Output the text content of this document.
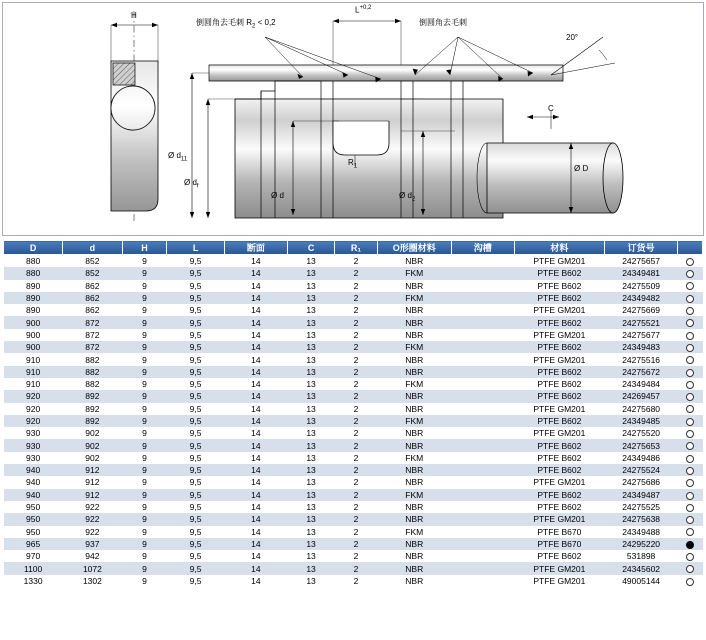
H
倒圆角去毛刺 $R_2 < 0,2$	倒圆角去毛刺
$L^{+0,2}$
20°
C
Ø D
Ø $d_{11}$
Ø $d_f$
Ø d	Ø $d_2$
$R_1$
D	d	H	L	断面	C	R₁	O形圈材料	沟槽	材料	订货号	
880	852	9	9,5	14	13	2	NBR		PTFE GM201	24275657	
880	852	9	9,5	14	13	2	FKM		PTFE B602	24349481	
890	862	9	9,5	14	13	2	NBR		PTFE B602	24275509	
890	862	9	9,5	14	13	2	FKM		PTFE B602	24349482	
890	862	9	9,5	14	13	2	NBR		PTFE GM201	24275669	
900	872	9	9,5	14	13	2	NBR		PTFE B602	24275521	
900	872	9	9,5	14	13	2	NBR		PTFE GM201	24275677	
900	872	9	9,5	14	13	2	FKM		PTFE B602	24349483	
910	882	9	9,5	14	13	2	NBR		PTFE GM201	24275516	
910	882	9	9,5	14	13	2	NBR		PTFE B602	24275672	
910	882	9	9,5	14	13	2	FKM		PTFE B602	24349484	
920	892	9	9,5	14	13	2	NBR		PTFE B602	24269457	
920	892	9	9,5	14	13	2	NBR		PTFE GM201	24275680	
920	892	9	9,5	14	13	2	FKM		PTFE B602	24349485	
930	902	9	9,5	14	13	2	NBR		PTFE GM201	24275520	
930	902	9	9,5	14	13	2	NBR		PTFE B602	24275653	
930	902	9	9,5	14	13	2	FKM		PTFE B602	24349486	
940	912	9	9,5	14	13	2	NBR		PTFE B602	24275524	
940	912	9	9,5	14	13	2	NBR		PTFE GM201	24275686	
940	912	9	9,5	14	13	2	FKM		PTFE B602	24349487	
950	922	9	9,5	14	13	2	NBR		PTFE B602	24275525	
950	922	9	9,5	14	13	2	NBR		PTFE GM201	24275638	
950	922	9	9,5	14	13	2	FKM		PTFE B670	24349488	
965	937	9	9,5	14	13	2	NBR		PTFE B670	24295220	
970	942	9	9,5	14	13	2	NBR		PTFE B602	531898	
1100	1072	9	9,5	14	13	2	NBR		PTFE GM201	24345602	
1330	1302	9	9,5	14	13	2	NBR		PTFE GM201	49005144	
